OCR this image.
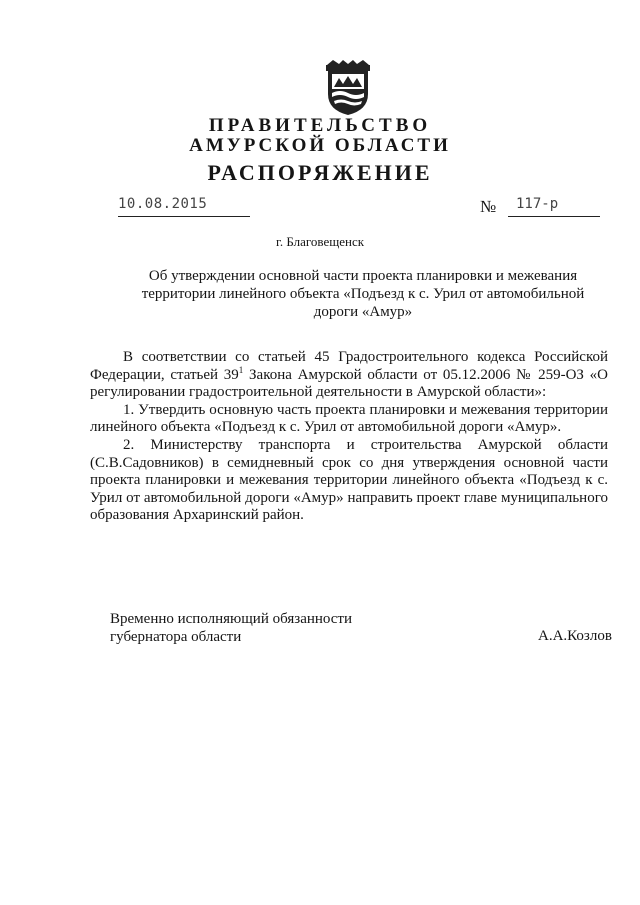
ПРАВИТЕЛЬСТВО
АМУРСКОЙ ОБЛАСТИ
РАСПОРЯЖЕНИЕ
10.08.2015	№ 117-р
г. Благовещенск
Об утверждении основной части проекта планировки и межевания территории линейного объекта «Подъезд к с. Урил от автомобильной дороги «Амур»

В соответствии со статьей 45 Градостроительного кодекса Российской Федерации, статьей $39^1$ Закона Амурской области от 05.12.2006 № 259-ОЗ «О регулировании градостроительной деятельности в Амурской области»:

1. Утвердить основную часть проекта планировки и межевания территории линейного объекта «Подъезд к с. Урил от автомобильной дороги «Амур».

2. Министерству транспорта и строительства Амурской области (С.В.Садовников) в семидневный срок со дня утверждения основной части проекта планировки и межевания территории линейного объекта «Подъезд к с. Урил от автомобильной дороги «Амур» направить проект главе муниципального образования Архаринский район.

Временно исполняющий обязанности
губернатора области	А.А.Козлов
